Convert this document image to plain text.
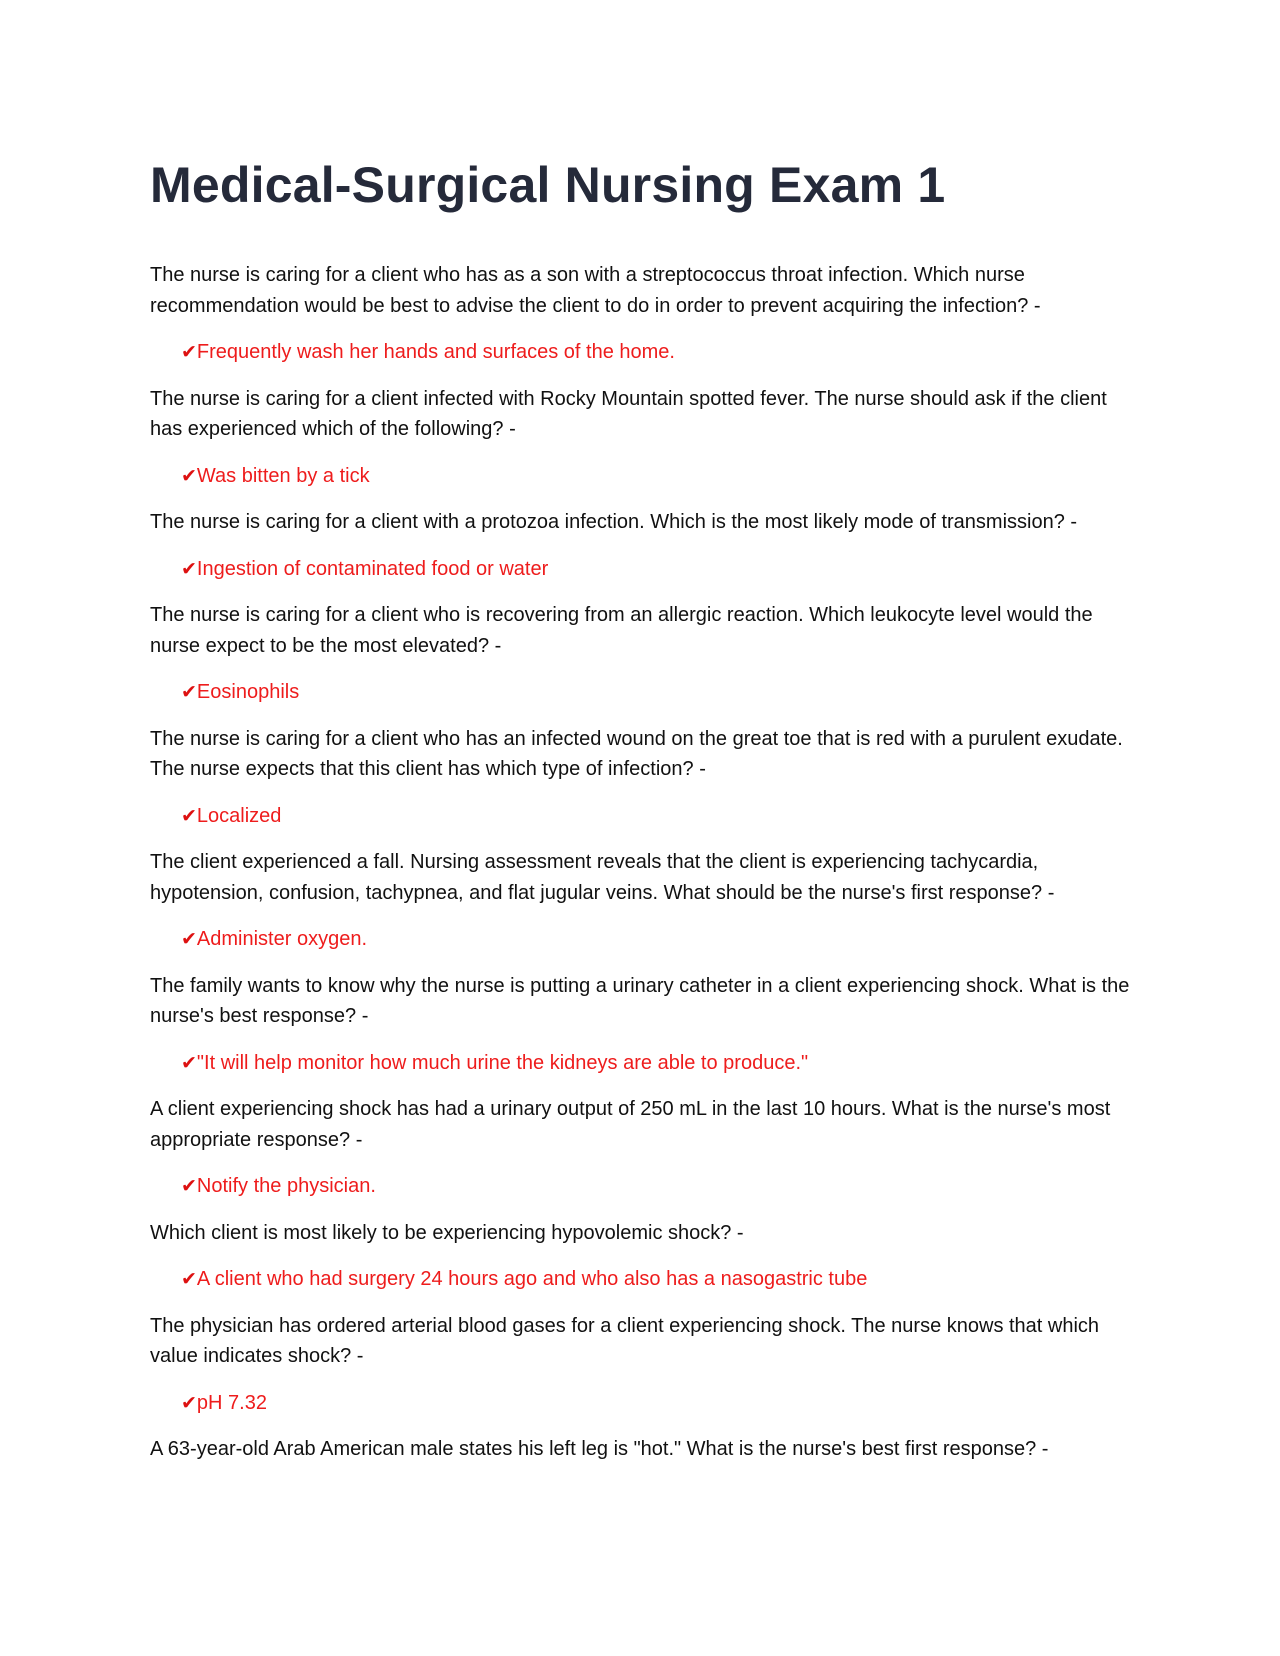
Medical-Surgical Nursing Exam 1

The nurse is caring for a client who has as a son with a streptococcus throat infection. Which nurse recommendation would be best to advise the client to do in order to prevent acquiring the infection? -

✔Frequently wash her hands and surfaces of the home.

The nurse is caring for a client infected with Rocky Mountain spotted fever. The nurse should ask if the client has experienced which of the following? -

✔Was bitten by a tick

The nurse is caring for a client with a protozoa infection. Which is the most likely mode of transmission? -

✔Ingestion of contaminated food or water

The nurse is caring for a client who is recovering from an allergic reaction. Which leukocyte level would the nurse expect to be the most elevated? -

✔Eosinophils

The nurse is caring for a client who has an infected wound on the great toe that is red with a purulent exudate. The nurse expects that this client has which type of infection? -

✔Localized

The client experienced a fall. Nursing assessment reveals that the client is experiencing tachycardia, hypotension, confusion, tachypnea, and flat jugular veins. What should be the nurse's first response? -

✔Administer oxygen.

The family wants to know why the nurse is putting a urinary catheter in a client experiencing shock. What is the nurse's best response? -

✔"It will help monitor how much urine the kidneys are able to produce."

A client experiencing shock has had a urinary output of 250 mL in the last 10 hours. What is the nurse's most appropriate response? -

✔Notify the physician.

Which client is most likely to be experiencing hypovolemic shock? -

✔A client who had surgery 24 hours ago and who also has a nasogastric tube

The physician has ordered arterial blood gases for a client experiencing shock. The nurse knows that which value indicates shock? -

✔pH 7.32

A 63-year-old Arab American male states his left leg is "hot." What is the nurse's best first response? -
